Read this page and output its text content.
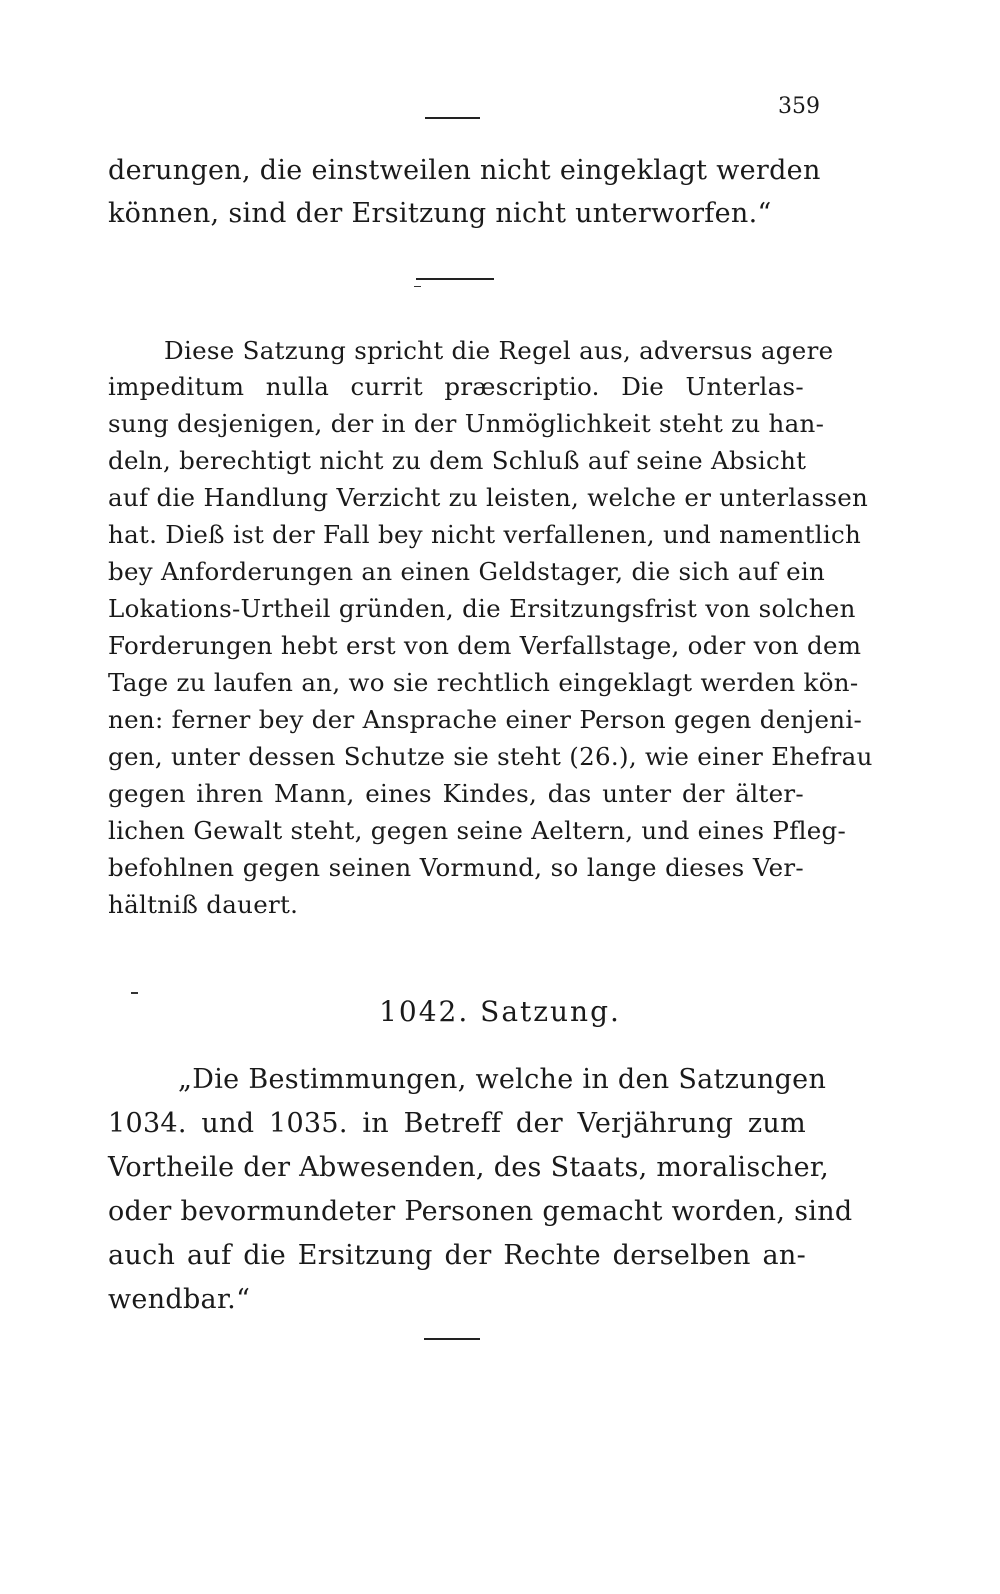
359
derungen, die einstweilen nicht eingeklagt werden
können, sind der Ersitzung nicht unterworfen.“
Diese Satzung spricht die Regel aus, adversus agere
impeditum nulla currit præscriptio. Die Unterlas-
sung desjenigen, der in der Unmöglichkeit steht zu han-
deln, berechtigt nicht zu dem Schluß auf seine Absicht
auf die Handlung Verzicht zu leisten, welche er unterlassen
hat. Dieß ist der Fall bey nicht verfallenen, und namentlich
bey Anforderungen an einen Geldstager, die sich auf ein
Lokations-Urtheil gründen, die Ersitzungsfrist von solchen
Forderungen hebt erst von dem Verfallstage, oder von dem
Tage zu laufen an, wo sie rechtlich eingeklagt werden kön-
nen: ferner bey der Ansprache einer Person gegen denjeni-
gen, unter dessen Schutze sie steht (26.), wie einer Ehefrau
gegen ihren Mann, eines Kindes, das unter der älter-
lichen Gewalt steht, gegen seine Aeltern, und eines Pfleg-
befohlnen gegen seinen Vormund, so lange dieses Ver-
hältniß dauert.
1042. Satzung.
„Die Bestimmungen, welche in den Satzungen
1034. und 1035. in Betreff der Verjährung zum
Vortheile der Abwesenden, des Staats, moralischer,
oder bevormundeter Personen gemacht worden, sind
auch auf die Ersitzung der Rechte derselben an-
wendbar.“
